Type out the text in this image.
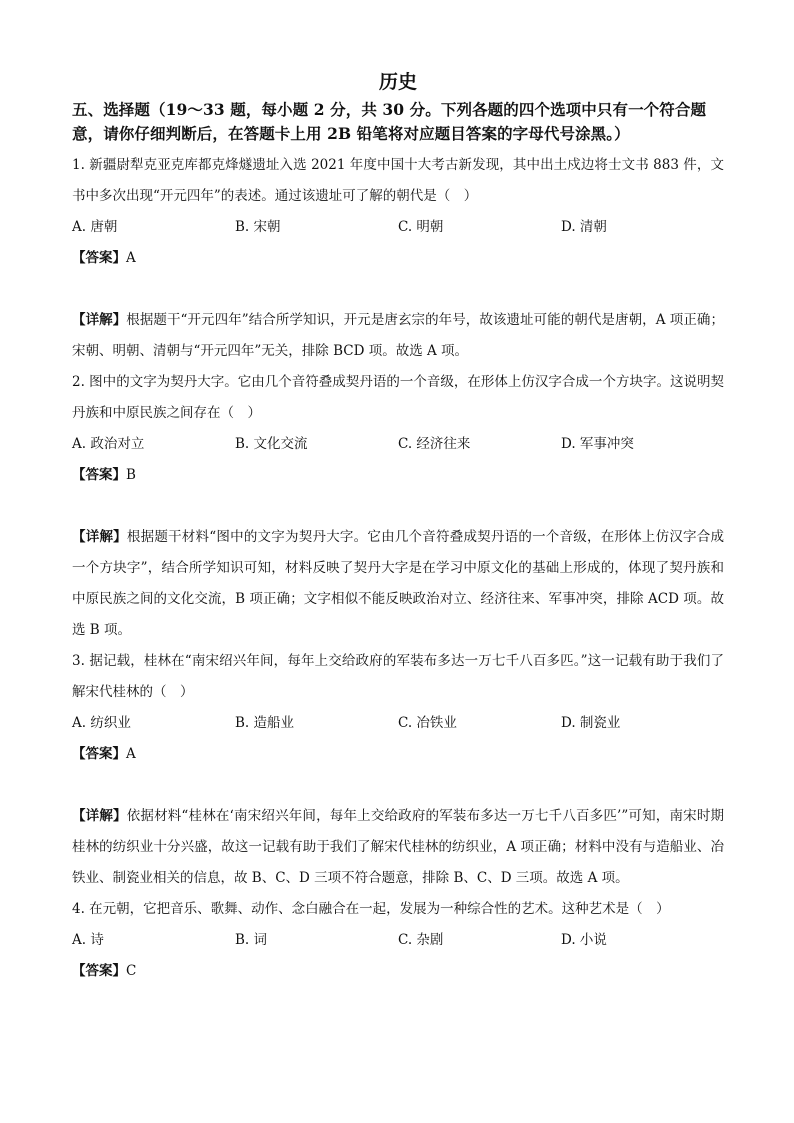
历史

五、选择题（19～33 题，每小题 2 分，共 30 分。下列各题的四个选项中只有一个符合题意，请你仔细判断后，在答题卡上用 2B 铅笔将对应题目答案的字母代号涂黑。）

1. 新疆尉犁克亚克库都克烽燧遗址入选 2021 年度中国十大考古新发现，其中出土戍边将士文书 883 件，文书中多次出现“开元四年”的表述。通过该遗址可了解的朝代是（　）

A. 唐朝	B. 宋朝	C. 明朝	D. 清朝

【答案】A

【详解】根据题干“开元四年”结合所学知识，开元是唐玄宗的年号，故该遗址可能的朝代是唐朝，A 项正确；宋朝、明朝、清朝与“开元四年”无关，排除 BCD 项。故选 A 项。

2. 图中的文字为契丹大字。它由几个音符叠成契丹语的一个音级，在形体上仿汉字合成一个方块字。这说明契丹族和中原民族之间存在（　）

A. 政治对立	B. 文化交流	C. 经济往来	D. 军事冲突

【答案】B

【详解】根据题干材料“图中的文字为契丹大字。它由几个音符叠成契丹语的一个音级，在形体上仿汉字合成一个方块字”，结合所学知识可知，材料反映了契丹大字是在学习中原文化的基础上形成的，体现了契丹族和中原民族之间的文化交流，B 项正确；文字相似不能反映政治对立、经济往来、军事冲突，排除 ACD 项。故选 B 项。

3. 据记载，桂林在“南宋绍兴年间，每年上交给政府的军装布多达一万七千八百多匹。”这一记载有助于我们了解宋代桂林的（　）

A. 纺织业	B. 造船业	C. 冶铁业	D. 制瓷业

【答案】A

【详解】依据材料“桂林在‘南宋绍兴年间，每年上交给政府的军装布多达一万七千八百多匹’”可知，南宋时期桂林的纺织业十分兴盛，故这一记载有助于我们了解宋代桂林的纺织业，A 项正确；材料中没有与造船业、冶铁业、制瓷业相关的信息，故 B、C、D 三项不符合题意，排除 B、C、D 三项。故选 A 项。

4. 在元朝，它把音乐、歌舞、动作、念白融合在一起，发展为一种综合性的艺术。这种艺术是（　）

A. 诗	B. 词	C. 杂剧	D. 小说

【答案】C
